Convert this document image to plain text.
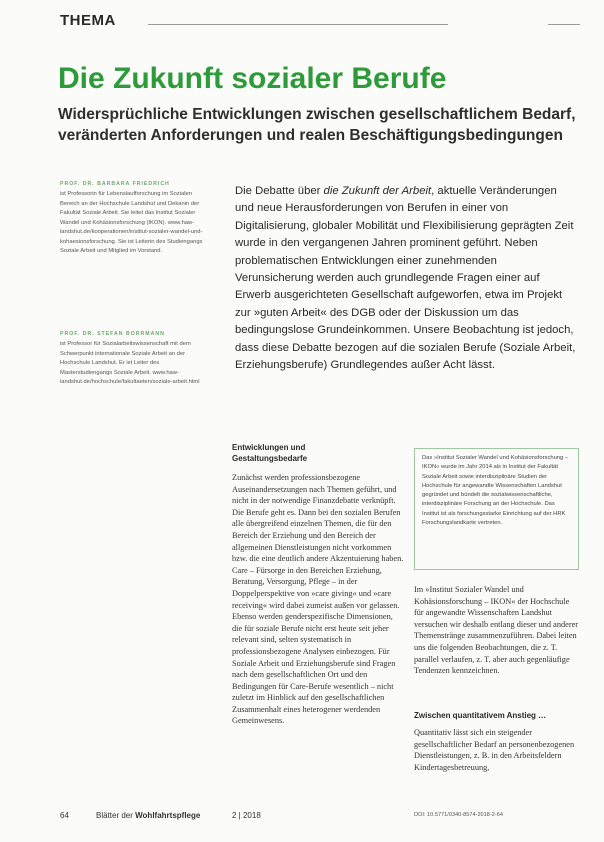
THEMA
Die Zukunft sozialer Berufe
Widersprüchliche Entwicklungen zwischen gesellschaftlichem Bedarf, veränderten Anforderungen und realen Beschäftigungsbedingungen

PROF. DR. BARBARA FRIEDRICH

ist Professorin für Lebenslaufforschung im Sozialen Bereich an der Hochschule Landshut und Dekanin der Fakultät Soziale Arbeit. Sie leitet das Institut Sozialer Wandel und Kohäsionsforschung (IKON). www.haw-landshut.de/kooperationen/institut-sozialer-wandel-und-kohaesionsforschung. Sie ist Leiterin des Studiengangs Soziale Arbeit und Mitglied im Vorstand.

PROF. DR. STEFAN BORRMANN

ist Professor für Sozialarbeitswissenschaft mit dem Schwerpunkt internationale Soziale Arbeit an der Hochschule Landshut. Er ist Leiter des Masterstudiengangs Soziale Arbeit. www.haw-landshut.de/hochschule/fakultaeten/soziale-arbeit.html

Die Debatte über die Zukunft der Arbeit, aktuelle Veränderungen und neue Herausforderungen von Berufen in einer von Digitalisierung, globaler Mobilität und Flexibilisierung geprägten Zeit wurde in den vergangenen Jahren prominent geführt. Neben problematischen Entwicklungen einer zunehmenden Verunsicherung werden auch grundlegende Fragen einer auf Erwerb ausgerichteten Gesellschaft aufgeworfen, etwa im Projekt zur »guten Arbeit« des DGB oder der Diskussion um das bedingungslose Grundeinkommen. Unsere Beobachtung ist jedoch, dass diese Debatte bezogen auf die sozialen Berufe (Soziale Arbeit, Erziehungsberufe) Grundlegendes außer Acht lässt.

Entwicklungen und Gestaltungsbedarfe

Zunächst werden professionsbezogene Auseinandersetzungen nach Themen geführt, und nicht in der notwendige Finanzdebatte verknüpft. Die Berufe geht es. Dann bei den sozialen Berufen alle übergreifend einzelnen Themen, die für den Bereich der Erziehung und den Bereich der allgemeinen Dienstleistungen nicht vorkommen bzw. die eine deutlich andere Akzentuierung haben. Care – Fürsorge in den Bereichen Erziehung, Beratung, Versorgung, Pflege – in der Doppelperspektive von »care giving« und »care receiving« wird dabei zumeist außen vor gelassen. Ebenso werden genderspezifische Dimensionen, die für soziale Berufe nicht erst heute seit jeher relevant sind, selten systematisch in professionsbezogene Analysen einbezogen. Für Soziale Arbeit und Erziehungsberufe sind Fragen nach dem gesellschaftlichen Ort und den Bedingungen für Care-Berufe wesentlich – nicht zuletzt im Hinblick auf den gesellschaftlichen Zusammenhalt eines heterogener werdenden Gemeinwesens.

Das »Institut Sozialer Wandel und Kohäsionsforschung – IKON« wurde im Jahr 2014 als in Institut der Fakultät Soziale Arbeit sowie interdisziplinäre Studien der Hochschule für angewandte Wissenschaften Landshut gegründet und bündelt die sozialwissenschaftliche, interdisziplinäre Forschung an der Hochschule. Das Institut ist als forschungsstarke Einrichtung auf der HRK Forschungslandkarte vertreten.

Im »Institut Sozialer Wandel und Kohäsionsforschung – IKON« der Hochschule für angewandte Wissenschaften Landshut versuchen wir deshalb entlang dieser und anderer Themenstränge zusammenzuführen. Dabei leiten uns die folgenden Beobachtungen, die z. T. parallel verlaufen, z. T. aber auch gegenläufige Tendenzen kennzeichnen.

Zwischen quantitativem Anstieg …

Quantitativ lässt sich ein steigender gesellschaftlicher Bedarf an personenbezogenen Dienstleistungen, z. B. in den Arbeitsfeldern Kindertagesbetreuung,

64	Blätter der Wohlfahrtspflege	2 | 2018	DOI: 10.5771/0340-8574-2018-2-64
